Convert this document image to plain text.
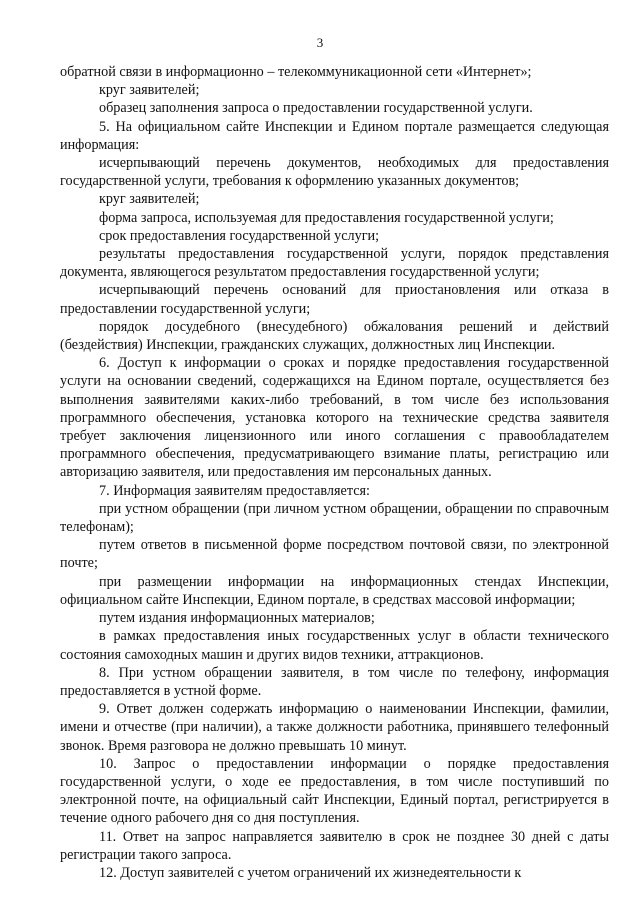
3

обратной связи в информационно – телекоммуникационной сети «Интернет»;

круг заявителей;

образец заполнения запроса о предоставлении государственной услуги.

5. На официальном сайте Инспекции и Едином портале размещается следующая информация:

исчерпывающий перечень документов, необходимых для предоставления государственной услуги, требования к оформлению указанных документов;

круг заявителей;

форма запроса, используемая для предоставления государственной услуги;

срок предоставления государственной услуги;

результаты предоставления государственной услуги, порядок представления документа, являющегося результатом предоставления государственной услуги;

исчерпывающий перечень оснований для приостановления или отказа в предоставлении государственной услуги;

порядок досудебного (внесудебного) обжалования решений и действий (бездействия) Инспекции, гражданских служащих, должностных лиц Инспекции.

6. Доступ к информации о сроках и порядке предоставления государственной услуги на основании сведений, содержащихся на Едином портале, осуществляется без выполнения заявителями каких-либо требований, в том числе без использования программного обеспечения, установка которого на технические средства заявителя требует заключения лицензионного или иного соглашения с правообладателем программного обеспечения, предусматривающего взимание платы, регистрацию или авторизацию заявителя, или предоставления им персональных данных.

7. Информация заявителям предоставляется:

при устном обращении (при личном устном обращении, обращении по справочным телефонам);

путем ответов в письменной форме посредством почтовой связи, по электронной почте;

при размещении информации на информационных стендах Инспекции, официальном сайте Инспекции, Едином портале, в средствах массовой информации;

путем издания информационных материалов;

в рамках предоставления иных государственных услуг в области технического состояния самоходных машин и других видов техники, аттракционов.

8. При устном обращении заявителя, в том числе по телефону, информация предоставляется в устной форме.

9. Ответ должен содержать информацию о наименовании Инспекции, фамилии, имени и отчестве (при наличии), а также должности работника, принявшего телефонный звонок. Время разговора не должно превышать 10 минут.

10. Запрос о предоставлении информации о порядке предоставления государственной услуги, о ходе ее предоставления, в том числе поступивший по электронной почте, на официальный сайт Инспекции, Единый портал, регистрируется в течение одного рабочего дня со дня поступления.

11. Ответ на запрос направляется заявителю в срок не позднее 30 дней с даты регистрации такого запроса.

12. Доступ заявителей с учетом ограничений их жизнедеятельности к
